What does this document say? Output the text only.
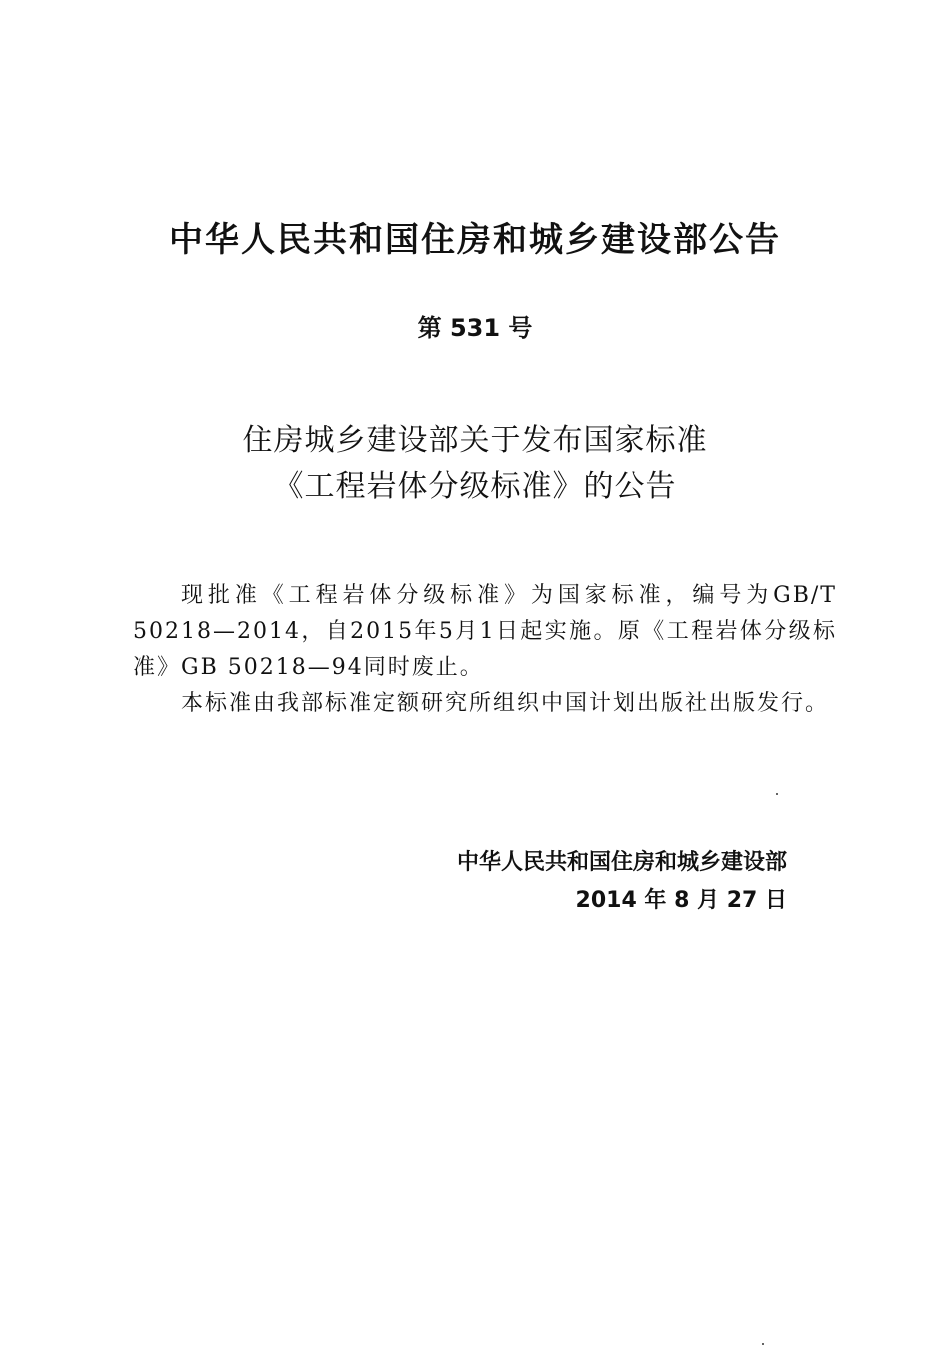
中华人民共和国住房和城乡建设部公告
第 531 号
住房城乡建设部关于发布国家标准
《工程岩体分级标准》的公告

现批准《工程岩体分级标准》为国家标准，编号为GB/T 50218—2014，自2015年5月1日起实施。原《工程岩体分级标准》GB 50218—94同时废止。

本标准由我部标准定额研究所组织中国计划出版社出版发行。

中华人民共和国住房和城乡建设部
2014 年 8 月 27 日
